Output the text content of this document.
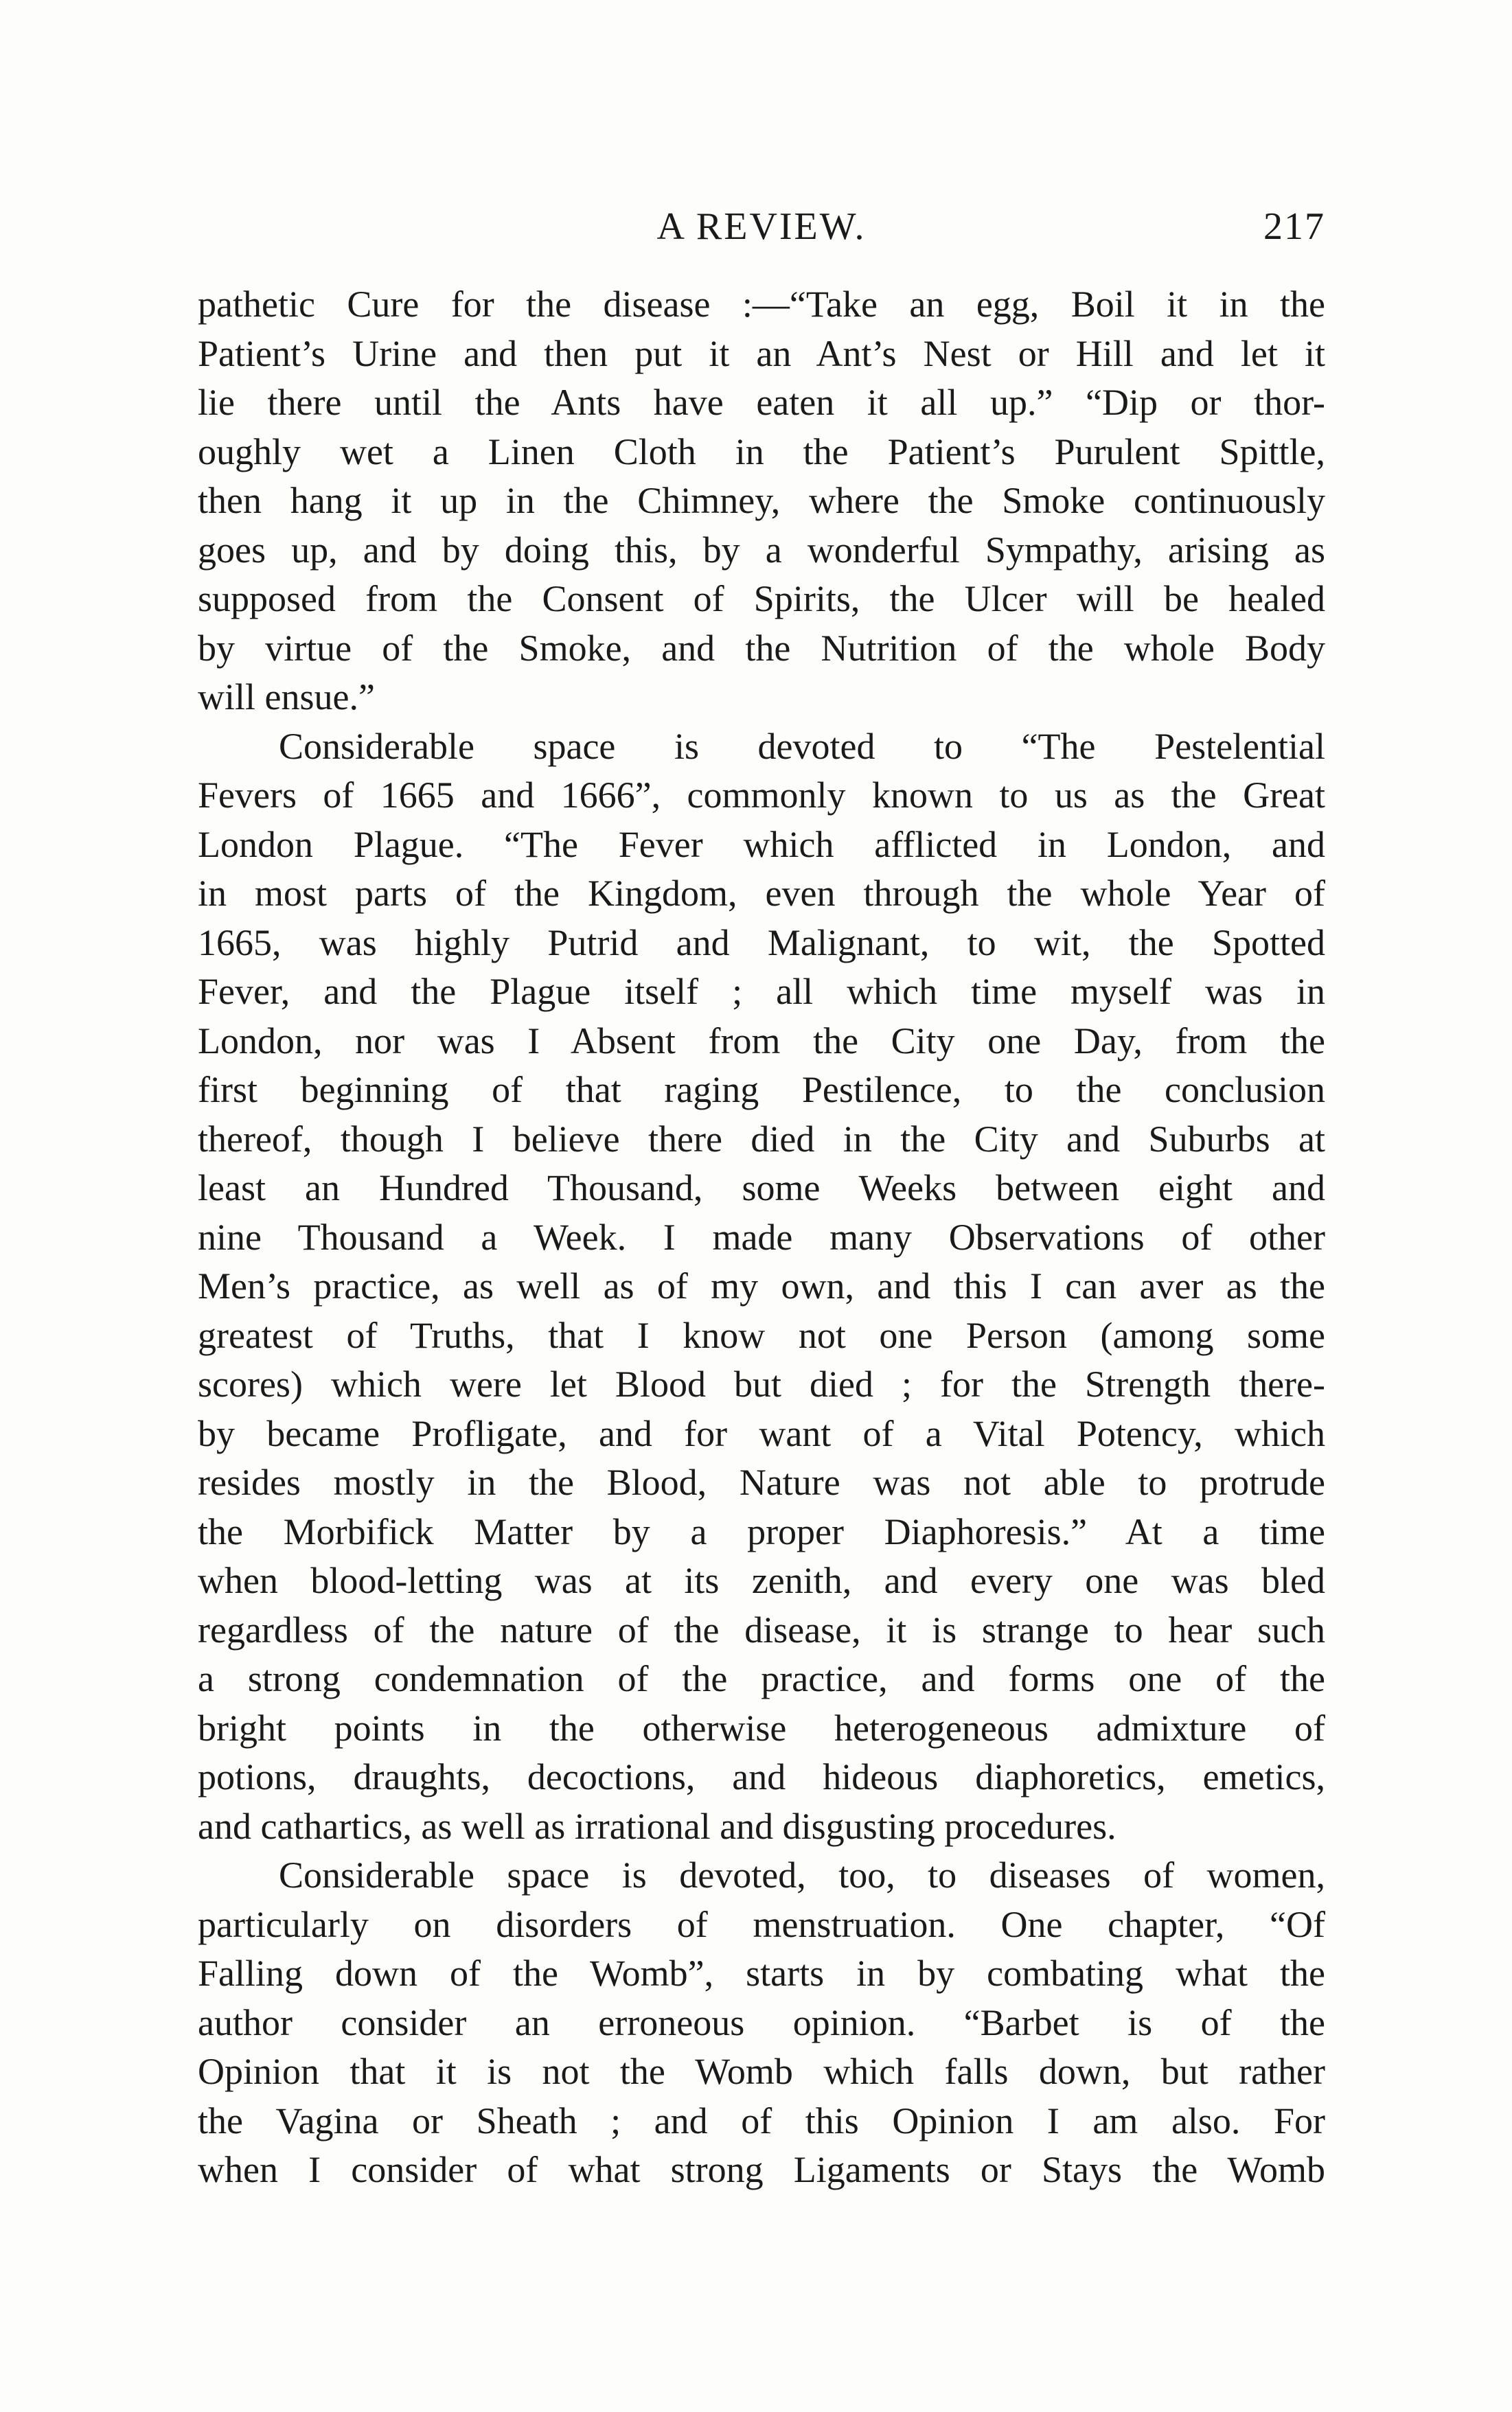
A REVIEW.	217
pathetic Cure for the disease :—“Take an egg, Boil it in the
Patient’s Urine and then put it an Ant’s Nest or Hill and let it
lie there until the Ants have eaten it all up.” “Dip or thor-
oughly wet a Linen Cloth in the Patient’s Purulent Spittle,
then hang it up in the Chimney, where the Smoke continuously
goes up, and by doing this, by a wonderful Sympathy, arising as
supposed from the Consent of Spirits, the Ulcer will be healed
by virtue of the Smoke, and the Nutrition of the whole Body
will ensue.”
Considerable space is devoted to “The Pestelential
Fevers of 1665 and 1666”, commonly known to us as the Great
London Plague. “The Fever which afflicted in London, and
in most parts of the Kingdom, even through the whole Year of
1665, was highly Putrid and Malignant, to wit, the Spotted
Fever, and the Plague itself ; all which time myself was in
London, nor was I Absent from the City one Day, from the
first beginning of that raging Pestilence, to the conclusion
thereof, though I believe there died in the City and Suburbs at
least an Hundred Thousand, some Weeks between eight and
nine Thousand a Week. I made many Observations of other
Men’s practice, as well as of my own, and this I can aver as the
greatest of Truths, that I know not one Person (among some
scores) which were let Blood but died ; for the Strength there-
by became Profligate, and for want of a Vital Potency, which
resides mostly in the Blood, Nature was not able to protrude
the Morbifick Matter by a proper Diaphoresis.” At a time
when blood-letting was at its zenith, and every one was bled
regardless of the nature of the disease, it is strange to hear such
a strong condemnation of the practice, and forms one of the
bright points in the otherwise heterogeneous admixture of
potions, draughts, decoctions, and hideous diaphoretics, emetics,
and cathartics, as well as irrational and disgusting procedures.
Considerable space is devoted, too, to diseases of women,
particularly on disorders of menstruation. One chapter, “Of
Falling down of the Womb”, starts in by combating what the
author consider an erroneous opinion. “Barbet is of the
Opinion that it is not the Womb which falls down, but rather
the Vagina or Sheath ; and of this Opinion I am also. For
when I consider of what strong Ligaments or Stays the Womb
